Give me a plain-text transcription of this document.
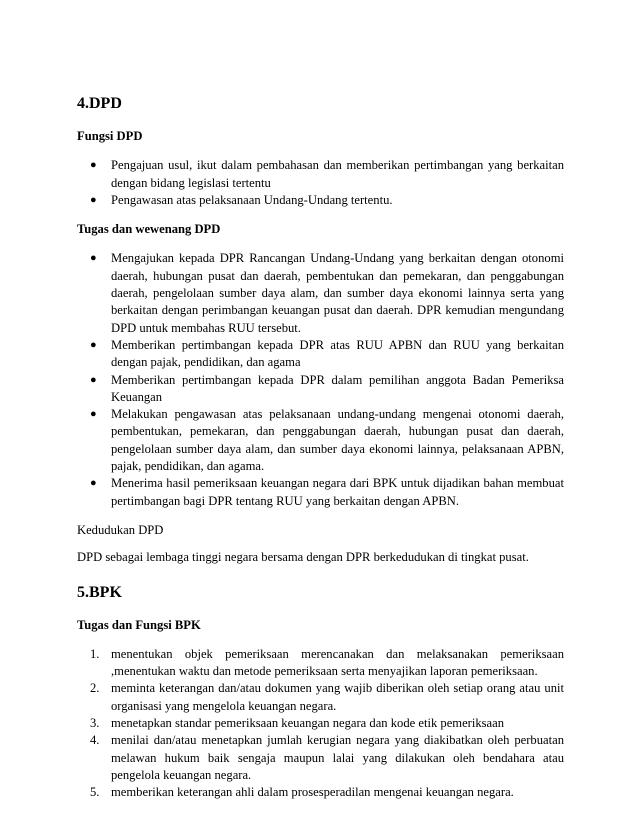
4.DPD
Fungsi DPD
● Pengajuan usul, ikut dalam pembahasan dan memberikan pertimbangan yang berkaitan dengan bidang legislasi tertentu
● Pengawasan atas pelaksanaan Undang-Undang tertentu.
Tugas dan wewenang DPD
● Mengajukan kepada DPR Rancangan Undang-Undang yang berkaitan dengan otonomi daerah, hubungan pusat dan daerah, pembentukan dan pemekaran, dan penggabungan daerah, pengelolaan sumber daya alam, dan sumber daya ekonomi lainnya serta yang berkaitan dengan perimbangan keuangan pusat dan daerah. DPR kemudian mengundang DPD untuk membahas RUU tersebut.
● Memberikan pertimbangan kepada DPR atas RUU APBN dan RUU yang berkaitan dengan pajak, pendidikan, dan agama
● Memberikan pertimbangan kepada DPR dalam pemilihan anggota Badan Pemeriksa Keuangan
● Melakukan pengawasan atas pelaksanaan undang-undang mengenai otonomi daerah, pembentukan, pemekaran, dan penggabungan daerah, hubungan pusat dan daerah, pengelolaan sumber daya alam, dan sumber daya ekonomi lainnya, pelaksanaan APBN, pajak, pendidikan, dan agama.
● Menerima hasil pemeriksaan keuangan negara dari BPK untuk dijadikan bahan membuat pertimbangan bagi DPR tentang RUU yang berkaitan dengan APBN.
Kedudukan DPD
DPD sebagai lembaga tinggi negara bersama dengan DPR berkedudukan di tingkat pusat.
5.BPK
Tugas dan Fungsi BPK
1. menentukan objek pemeriksaan merencanakan dan melaksanakan pemeriksaan ,menentukan waktu dan metode pemeriksaan serta menyajikan laporan pemeriksaan.
2. meminta keterangan dan/atau dokumen yang wajib diberikan oleh setiap orang atau unit organisasi yang mengelola keuangan negara.
3. menetapkan standar pemeriksaan keuangan negara dan kode etik pemeriksaan
4. menilai dan/atau menetapkan jumlah kerugian negara yang diakibatkan oleh perbuatan melawan hukum baik sengaja maupun lalai yang dilakukan oleh bendahara atau pengelola keuangan negara.
5. memberikan keterangan ahli dalam prosesperadilan mengenai keuangan negara.
